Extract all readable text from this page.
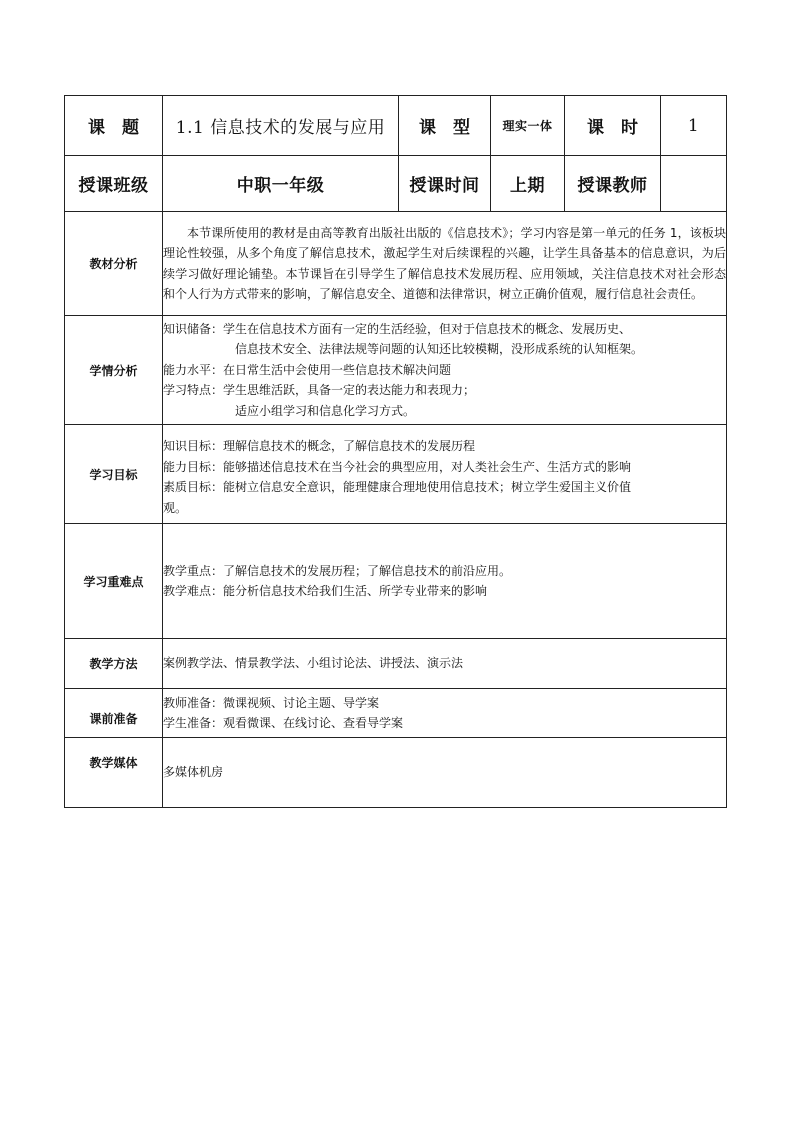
课　题	1.1 信息技术的发展与应用	课　型	理实一体	课　时	1
授课班级	中职一年级	授课时间	上期	授课教师	
教材分析	本节课所使用的教材是由高等教育出版社出版的《信息技术》；学习内容是第一单元的任务 1，该板块理论性较强，从多个角度了解信息技术，激起学生对后续课程的兴趣，让学生具备基本的信息意识，为后续学习做好理论铺垫。本节课旨在引导学生了解信息技术发展历程、应用领域，关注信息技术对社会形态和个人行为方式带来的影响，了解信息安全、道德和法律常识，树立正确价值观，履行信息社会责任。				

学情分析	知识储备：学生在信息技术方面有一定的生活经验，但对于信息技术的概念、发展历史、

信息技术安全、法律法规等问题的认知还比较模糊，没形成系统的认知框架。

能力水平：在日常生活中会使用一些信息技术解决问题

学习特点：学生思维活跃，具备一定的表达能力和表现力；

适应小组学习和信息化学习方式。				

学习目标	知识目标：理解信息技术的概念，了解信息技术的发展历程

能力目标：能够描述信息技术在当今社会的典型应用，对人类社会生产、生活方式的影响

素质目标：能树立信息安全意识，能理健康合理地使用信息技术；树立学生爱国主义价值

观。				

学习重难点	教学重点：了解信息技术的发展历程；了解信息技术的前沿应用。

教学难点：能分析信息技术给我们生活、所学专业带来的影响				

教学方法	案例教学法、情景教学法、小组讨论法、讲授法、演示法				

课前准备	教师准备：微课视频、讨论主题、导学案

学生准备：观看微课、在线讨论、查看导学案				

教学媒体	多媒体机房				
